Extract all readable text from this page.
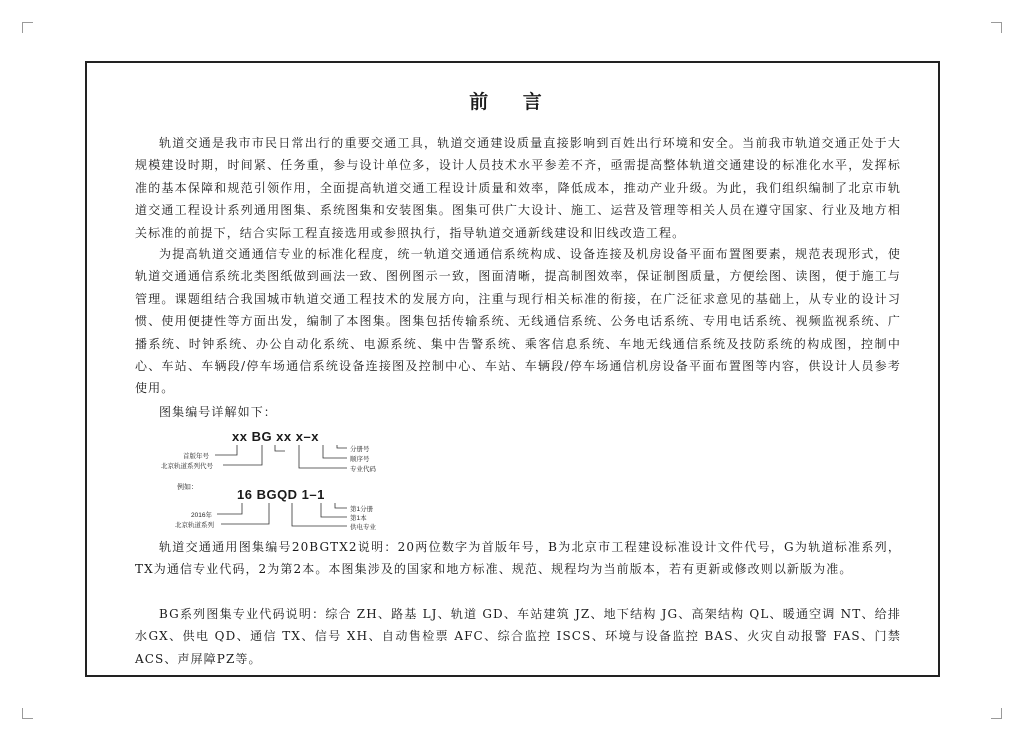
前 言

轨道交通是我市市民日常出行的重要交通工具，轨道交通建设质量直接影响到百姓出行环境和安全。当前我市轨道交通正处于大规模建设时期，时间紧、任务重，参与设计单位多，设计人员技术水平参差不齐，亟需提高整体轨道交通建设的标准化水平，发挥标准的基本保障和规范引领作用，全面提高轨道交通工程设计质量和效率，降低成本，推动产业升级。为此，我们组织编制了北京市轨道交通工程设计系列通用图集、系统图集和安装图集。图集可供广大设计、施工、运营及管理等相关人员在遵守国家、行业及地方相关标准的前提下，结合实际工程直接选用或参照执行，指导轨道交通新线建设和旧线改造工程。

为提高轨道交通通信专业的标准化程度，统一轨道交通通信系统构成、设备连接及机房设备平面布置图要素，规范表现形式，使轨道交通通信系统北类图纸做到画法一致、图例图示一致，图面清晰，提高制图效率，保证制图质量，方便绘图、读图，便于施工与管理。课题组结合我国城市轨道交通工程技术的发展方向，注重与现行相关标准的衔接，在广泛征求意见的基础上，从专业的设计习惯、使用便捷性等方面出发，编制了本图集。图集包括传输系统、无线通信系统、公务电话系统、专用电话系统、视频监视系统、广播系统、时钟系统、办公自动化系统、电源系统、集中告警系统、乘客信息系统、车地无线通信系统及技防系统的构成图，控制中心、车站、车辆段/停车场通信系统设备连接图及控制中心、车站、车辆段/停车场通信机房设备平面布置图等内容，供设计人员参考使用。

图集编号详解如下：

xx BG xx x–x
首版年号
北京轨道系列代号
分册号
顺序号
专业代码
例如：	16 BGQD 1–1
2016年
北京轨道系列
第1分册
第1本
供电专业

轨道交通通用图集编号20BGTX2说明：20两位数字为首版年号，B为北京市工程建设标准设计文件代号，G为轨道标准系列，TX为通信专业代码，2为第2本。本图集涉及的国家和地方标准、规范、规程均为当前版本，若有更新或修改则以新版为准。

BG系列图集专业代码说明：综合 ZH、路基 LJ、轨道 GD、车站建筑 JZ、地下结构 JG、高架结构 QL、暖通空调 NT、给排水GX、供电 QD、通信 TX、信号 XH、自动售检票 AFC、综合监控 ISCS、环境与设备监控 BAS、火灾自动报警 FAS、门禁 ACS、声屏障PZ等。
